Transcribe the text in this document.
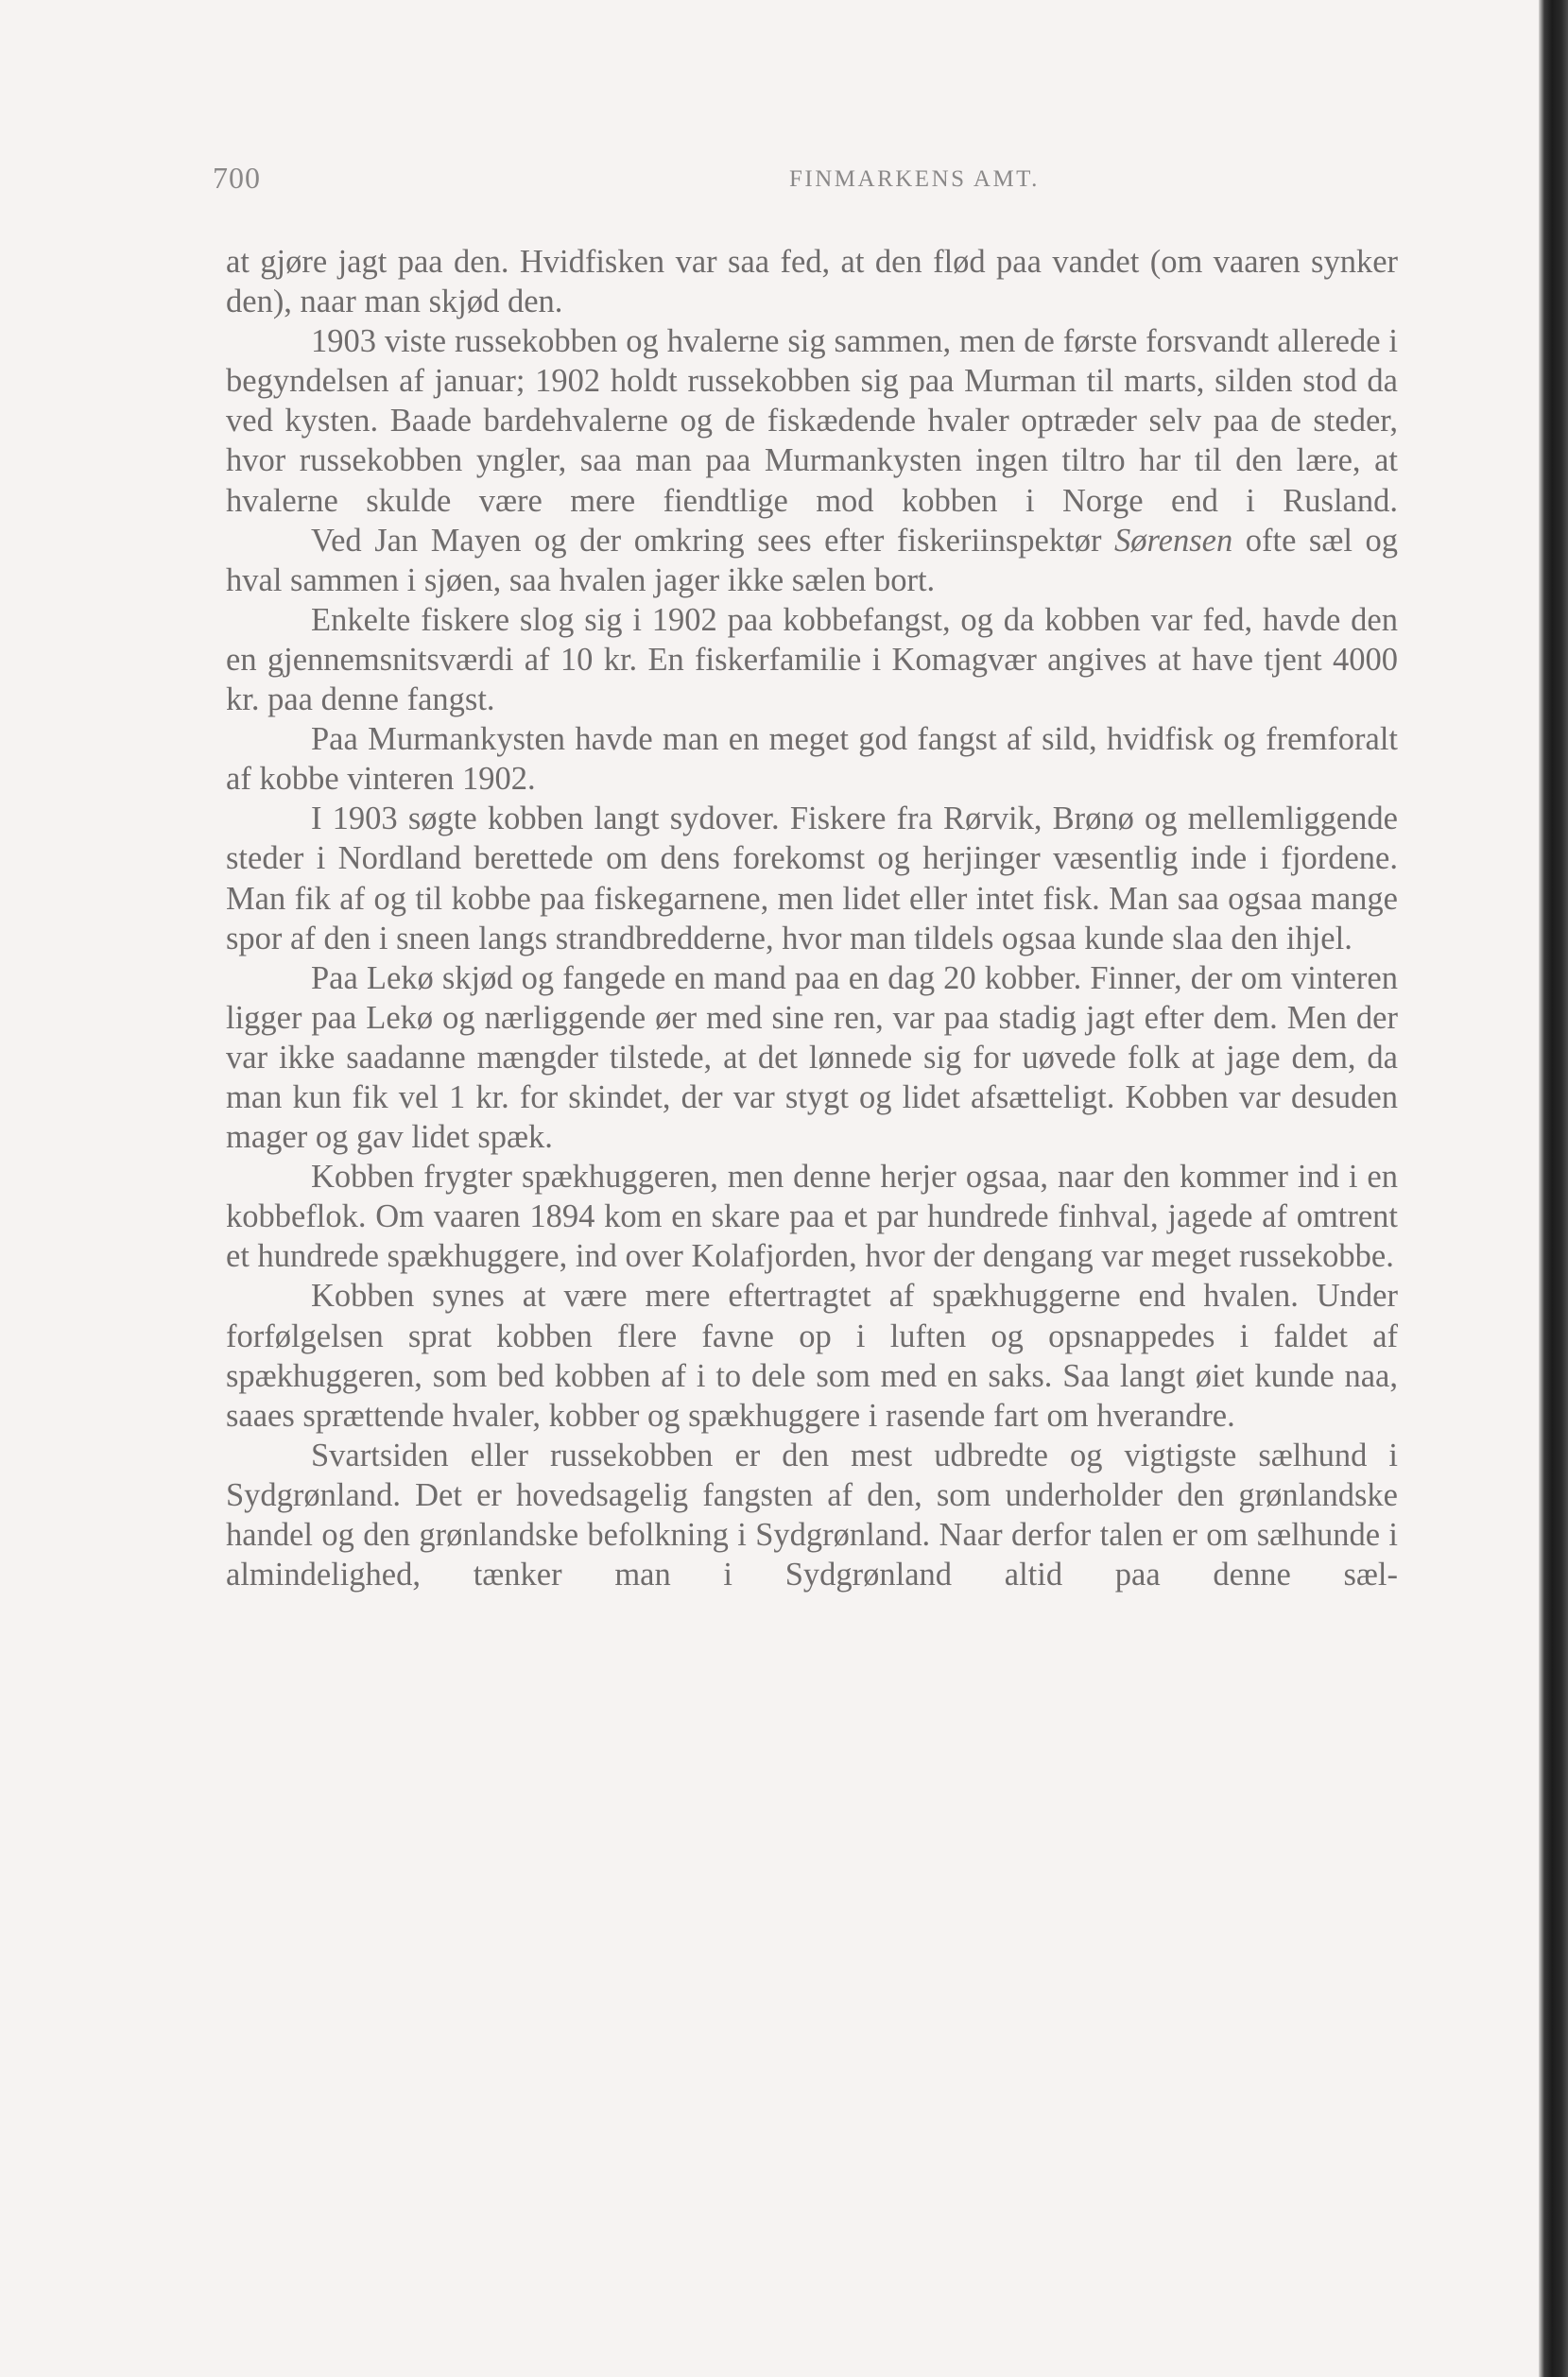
700	FINMARKENS AMT.

at gjøre jagt paa den. Hvidfisken var saa fed, at den flød paa vandet (om vaaren synker den), naar man skjød den.

1903 viste russekobben og hvalerne sig sammen, men de første forsvandt allerede i begyndelsen af januar; 1902 holdt russekobben sig paa Murman til marts, silden stod da ved kysten. Baade bardehvalerne og de fiskædende hvaler optræder selv paa de steder, hvor russekobben yngler, saa man paa Murmankysten ingen tiltro har til den lære, at hvalerne skulde være mere fiendtlige mod kobben i Norge end i Rusland.

Ved Jan Mayen og der omkring sees efter fiskeriinspektør Sørensen ofte sæl og hval sammen i sjøen, saa hvalen jager ikke sælen bort.

Enkelte fiskere slog sig i 1902 paa kobbefangst, og da kobben var fed, havde den en gjennemsnitsværdi af 10 kr. En fiskerfamilie i Komagvær angives at have tjent 4000 kr. paa denne fangst.

Paa Murmankysten havde man en meget god fangst af sild, hvidfisk og fremforalt af kobbe vinteren 1902.

I 1903 søgte kobben langt sydover. Fiskere fra Rørvik, Brønø og mellemliggende steder i Nordland berettede om dens forekomst og herjinger væsentlig inde i fjordene. Man fik af og til kobbe paa fiskegarnene, men lidet eller intet fisk. Man saa ogsaa mange spor af den i sneen langs strandbredderne, hvor man tildels ogsaa kunde slaa den ihjel.

Paa Lekø skjød og fangede en mand paa en dag 20 kobber. Finner, der om vinteren ligger paa Lekø og nærliggende øer med sine ren, var paa stadig jagt efter dem. Men der var ikke saadanne mængder tilstede, at det lønnede sig for uøvede folk at jage dem, da man kun fik vel 1 kr. for skindet, der var stygt og lidet afsætteligt. Kobben var desuden mager og gav lidet spæk.

Kobben frygter spækhuggeren, men denne herjer ogsaa, naar den kommer ind i en kobbeflok. Om vaaren 1894 kom en skare paa et par hundrede finhval, jagede af omtrent et hundrede spækhuggere, ind over Kolafjorden, hvor der dengang var meget russekobbe.

Kobben synes at være mere eftertragtet af spækhuggerne end hvalen. Under forfølgelsen sprat kobben flere favne op i luften og opsnappedes i faldet af spækhuggeren, som bed kobben af i to dele som med en saks. Saa langt øiet kunde naa, saaes sprættende hvaler, kobber og spækhuggere i rasende fart om hverandre.

Svartsiden eller russekobben er den mest udbredte og vigtigste sælhund i Sydgrønland. Det er hovedsagelig fangsten af den, som underholder den grønlandske handel og den grønlandske befolkning i Sydgrønland. Naar derfor talen er om sælhunde i almindelighed, tænker man i Sydgrønland altid paa denne sæl-
